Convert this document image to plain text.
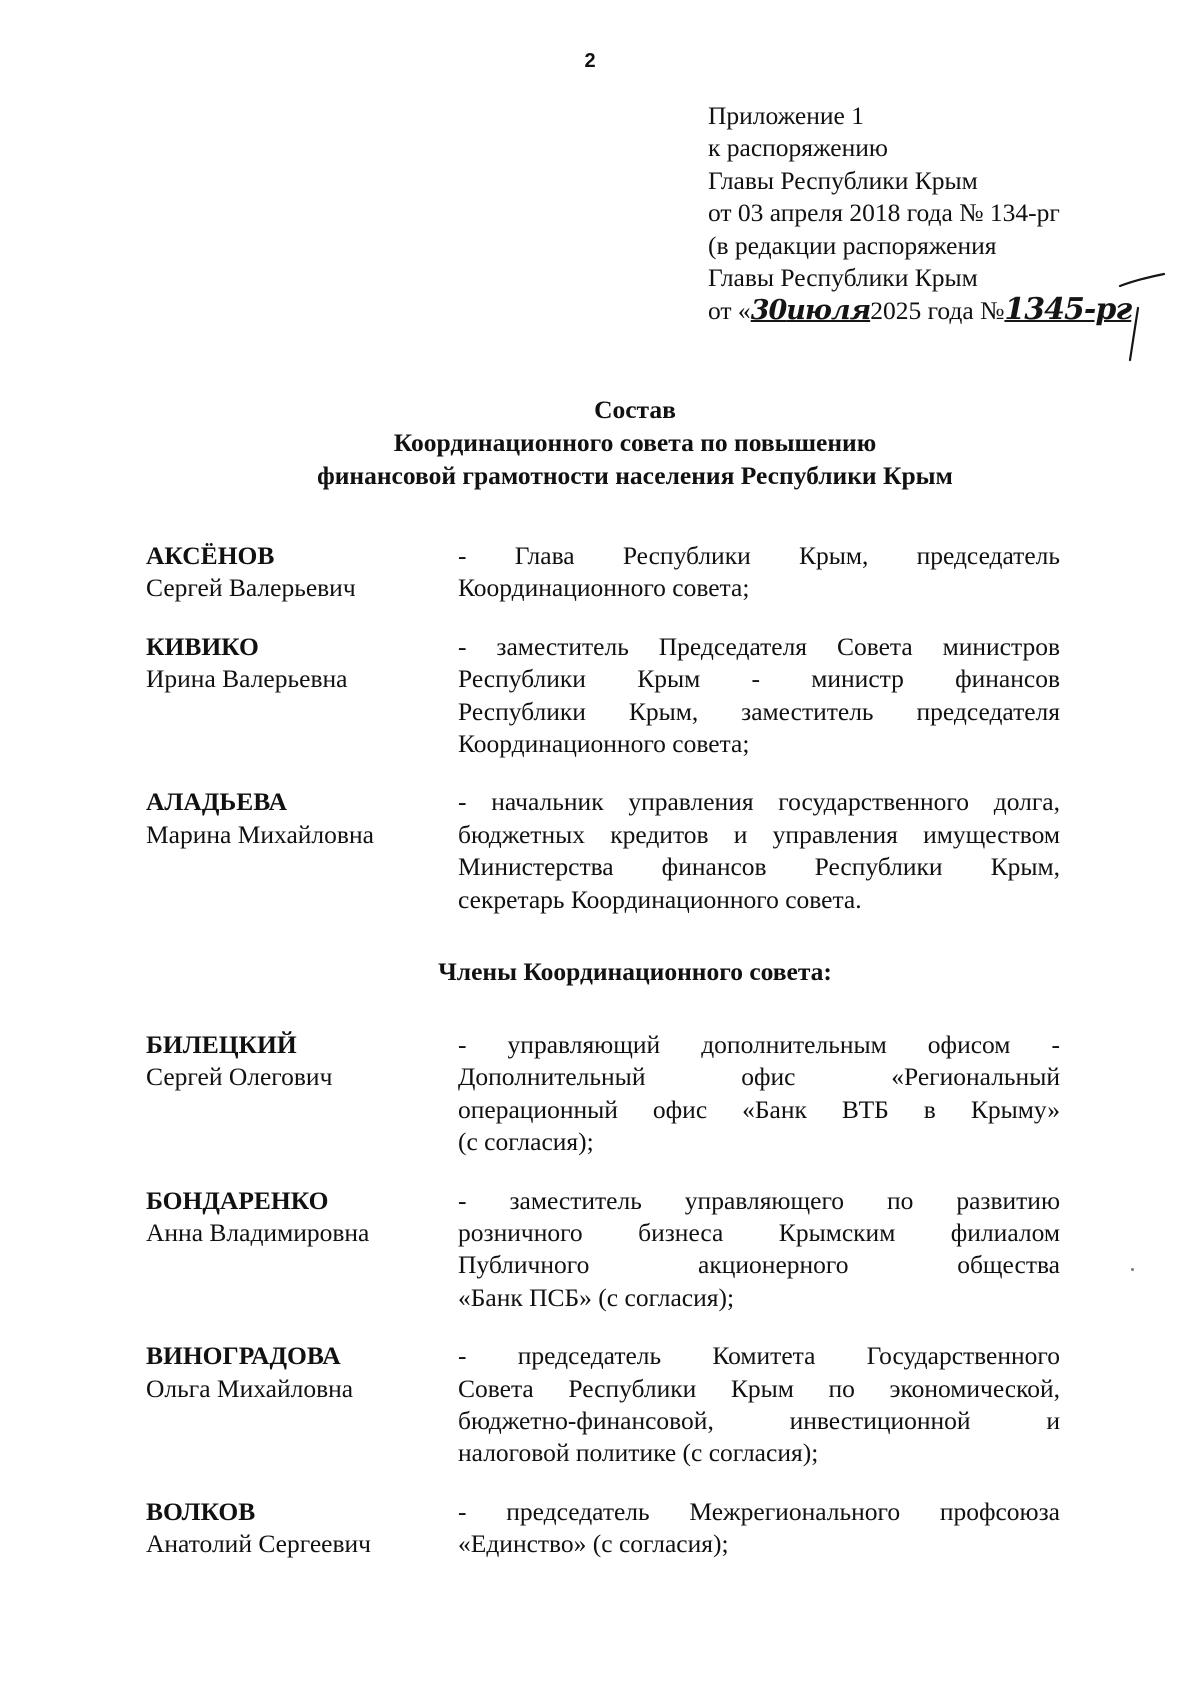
2
Приложение 1
к распоряжению
Главы Республики Крым
от 03 апреля 2018 года № 134-рг
(в редакции распоряжения
Главы Республики Крым
от «30июля2025 года №1345-рг
Состав
Координационного совета по повышению
финансовой грамотности населения Республики Крым
АКСЁНОВ
Сергей Валерьевич
- Глава Республики Крым, председатель
Координационного совета;
КИВИКО
Ирина Валерьевна
- заместитель Председателя Совета министров
Республики Крым - министр финансов
Республики Крым, заместитель председателя
Координационного совета;
АЛАДЬЕВА
Марина Михайловна
- начальник управления государственного долга,
бюджетных кредитов и управления имуществом
Министерства финансов Республики Крым,
секретарь Координационного совета.
Члены Координационного совета:
БИЛЕЦКИЙ
Сергей Олегович
- управляющий дополнительным офисом -
Дополнительный офис «Региональный
операционный офис «Банк ВТБ в Крыму»
(с согласия);
БОНДАРЕНКО
Анна Владимировна
- заместитель управляющего по развитию
розничного бизнеса Крымским филиалом
Публичного акционерного общества
«Банк ПСБ» (с согласия);
ВИНОГРАДОВА
Ольга Михайловна
- председатель Комитета Государственного
Совета Республики Крым по экономической,
бюджетно-финансовой, инвестиционной и
налоговой политике (с согласия);
ВОЛКОВ
Анатолий Сергеевич
- председатель Межрегионального профсоюза
«Единство» (с согласия);
